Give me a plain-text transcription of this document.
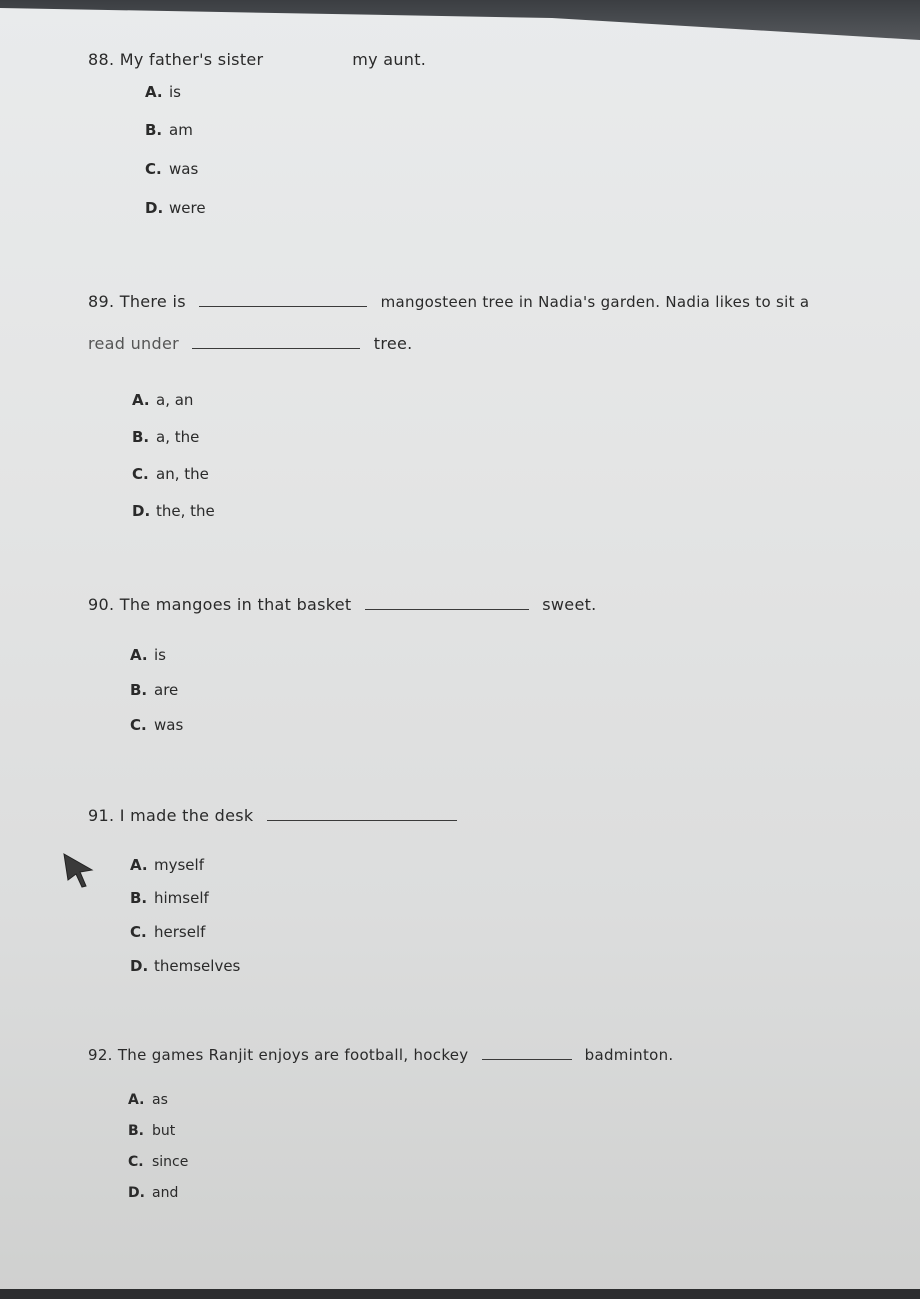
88. My father's sister	my aunt.
A. is
B. am
C. was
D. were
89. There is	mangosteen tree in Nadia's garden. Nadia likes to sit a
read under	tree.
A. a, an
B. a, the
C. an, the
D. the, the
90. The mangoes in that basket	sweet.
A. is
B. are
C. was
91. I made the desk
A. myself
B. himself
C. herself
D. themselves
92. The games Ranjit enjoys are football, hockey	badminton.
A. as
B. but
C. since
D. and
